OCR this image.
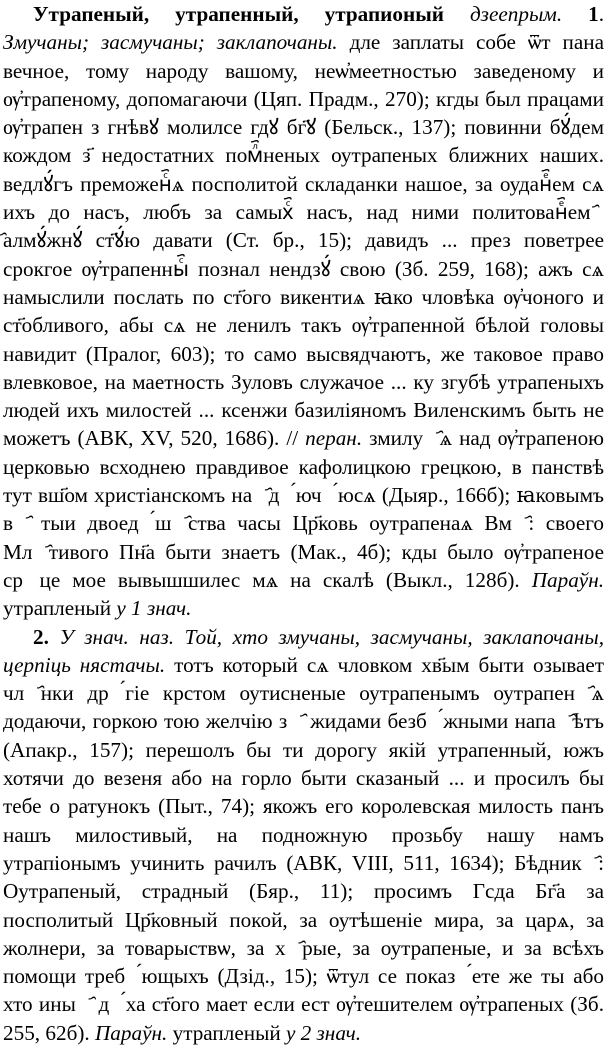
Утрапеный, утрапенный, утрапионый дзеeпрым. 1. Змучаны; засмучаны; заклапочаны. дле заплаты собе ѿт пана вечное, тому народу вашому, неѡ҆меетностью заведеному и ѹ҆трапеному, допомагаючи (Цяп. Прадм., 270); кгды был працами ѹ҆трапен з гнѣвꙋ молилсе гдꙋ бг҃ꙋ (Бельск., 137); повинни бꙋ́дем кождом з҃ недостатних помⷧ҄неных оутрапеных ближних наших. ведлꙋ́гъ преможенⷭ҄ѧ посполитой складанки нашое, за оуданⷷ҄ем сѧ ихъ до насъ, любъ за самыхⷭ҄ насъ, над ними политованⷷ҄ем ҄ ҄алмꙋ́жнꙋ́ ст҃ꙋ́ю давати (Ст. бр., 15); давидъ ... през поветрее срокгое ѹ҆трапенныⷭ҄ познал нендзꙋ́ свою (Зб. 259, 168); ажъ сѧ намыслили послать по ст҃ого викентиѧ ꙗко чловѣка ѹ҆чоного и ст҃обливого, абы сѧ не ленилъ такъ ѹ҆трапенной бѣлой головы навидит (Пралог, 603); то само высвядчаютъ, же таковое право влевковое, на маетность Зуловъ служачое ... ку згубѣ утрапеныхъ людей ихъ милостей ... ксенжи базиліяномъ Виленскимъ быть не можетъ (АВК, XV, 520, 1686). // перан. змилуⷭ҄ѧ над ѹ҆трапеною церковью всходнею правдивое кафолицкою грецкою, в панствѣ тут вш҃ом христіанскомъ наⷵ҄дꙋ́ючꙋ́юсѧ (Дыяр., 166б); ꙗковымъ вⷭ҄ тыи двоедꙋ́шⷭ҄ства часы Цр҃ковь оутрапенаѧ Вмⷭ҄: своего Млⷭ҄тивого Пн҃а быти знаетъ (Мак., 4б); кды было ѹ҆трапеное срⷣце мое вывышшилес мѧ на скалѣ (Выкл., 128б). Параўн. утрапленый у 1 знач.

2. У знач. наз. Той, хто змучаны, засмучаны, заклапочаны, церпіць нястачы. тотъ который сѧ чловком хв҃ым быти озывает члⷭ҄нки дрꙋ́гіе крстом оутисненые оутрапенымъ оутрапенⷭ҄ѧ додаючи, горкою тою желчію зⷭ҄ жидами безбꙋ́жными напаⷭ҄ѣтъ (Апакр., 157); перешолъ бы ти дорогу якій утрапенный, южъ хотячи до везеня або на горло быти сказаный ... и просилъ бы тебе о ратунокъ (Пыт., 74); якожъ его королевская милость панъ нашъ милостивый, на подножную прозьбу нашу намъ утрапіонымъ учинить рачилъ (АВК, VIII, 511, 1634); Бѣдникⷭ҄: Оутрапеный, страдный (Бяр., 11); просимъ Гсда Бг҃а за посполитый Цр҃ковный покой, за оутѣшеніе мира, за царѧ, за жолнери, за товарыствѡ, за хⷭ҄рые, за оутрапеные, и за всѣхъ помощи требꙋ́ющыхъ (Дзід., 15); ѿтул се показꙋ́ете же ты або хто иныⷭ҄ дꙋ́ха ст҃ого мает если ест ѹ҆тешителем ѹ҆трапеных (Зб. 255, 62б). Параўн. утрапленый у 2 знач.
